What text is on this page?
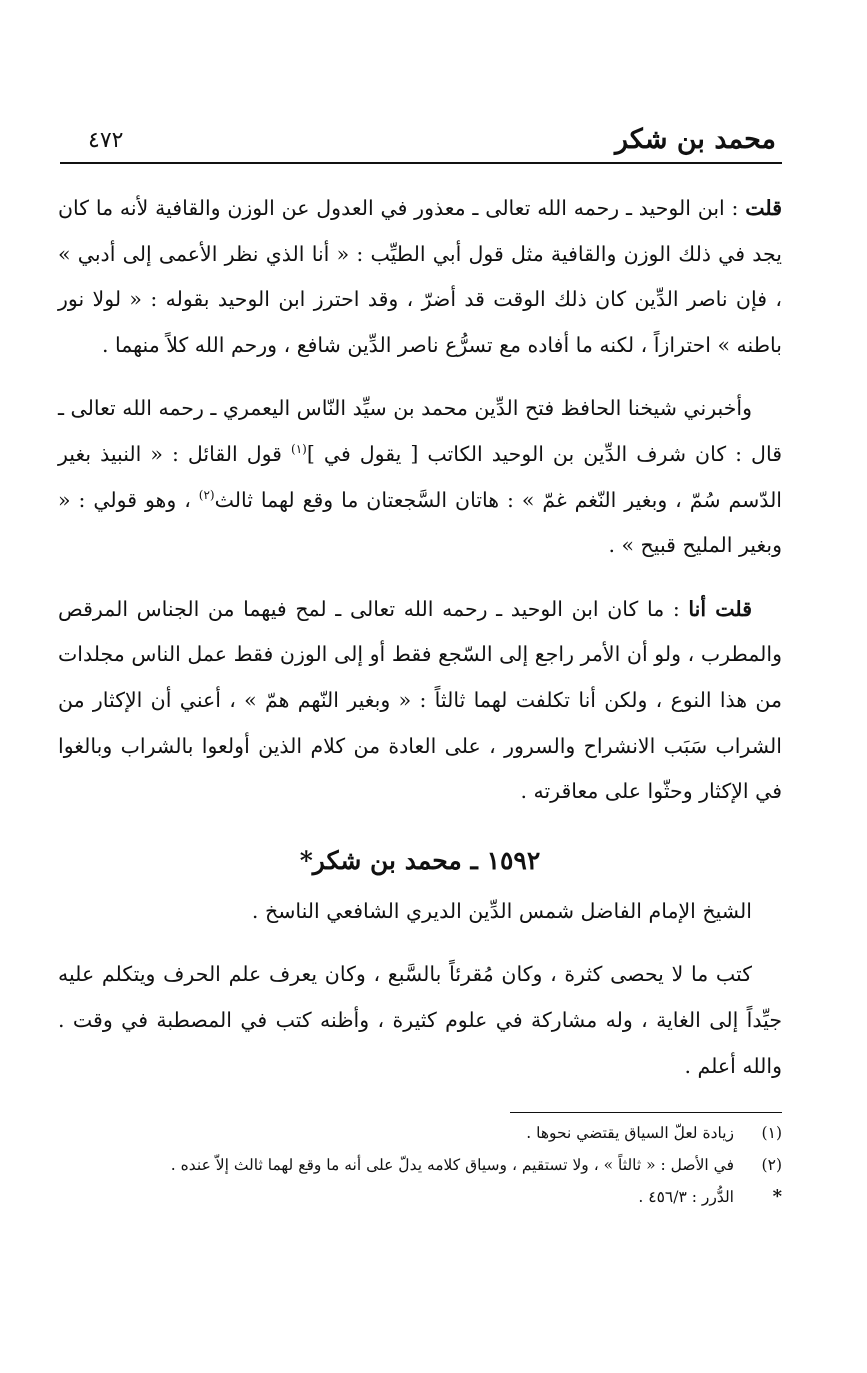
محمد بن شكر
٤٧٢

قلت : ابن الوحيد ـ رحمه الله تعالى ـ معذور في العدول عن الوزن والقافية لأنه ما كان يجد في ذلك الوزن والقافية مثل قول أبي الطيِّب : « أنا الذي نظر الأعمى إلى أدبي » ، فإن ناصر الدِّين كان ذلك الوقت قد أضرّ ، وقد احترز ابن الوحيد بقوله : « لولا نور باطنه » احترازاً ، لكنه ما أفاده مع تسرُّع ناصر الدِّين شافع ، ورحم الله كلاً منهما .

وأخبرني شيخنا الحافظ فتح الدِّين محمد بن سيِّد النّاس اليعمري ـ رحمه الله تعالى ـ قال : كان شرف الدِّين بن الوحيد الكاتب [ يقول في ]$^{(١)}$ قول القائل : « النبيذ بغير الدّسم سُمّ ، وبغير النّغم غمّ » : هاتان السَّجعتان ما وقع لهما ثالث$^{(٢)}$ ، وهو قولي : « وبغير المليح قبيح » .

قلت أنا : ما كان ابن الوحيد ـ رحمه الله تعالى ـ لمح فيهما من الجناس المرقص والمطرب ، ولو أن الأمر راجع إلى السّجع فقط أو إلى الوزن فقط عمل الناس مجلدات من هذا النوع ، ولكن أنا تكلفت لهما ثالثاً : « وبغير النّهم همّ » ، أعني أن الإكثار من الشراب سَبَب الانشراح والسرور ، على العادة من كلام الذين أولعوا بالشراب وبالغوا في الإكثار وحثّوا على معاقرته .

١٥٩٢ ـ محمد بن شكر*

الشيخ الإمام الفاضل شمس الدِّين الديري الشافعي الناسخ .

كتب ما لا يحصى كثرة ، وكان مُقرئاً بالسَّبع ، وكان يعرف علم الحرف ويتكلم عليه جيِّداً إلى الغاية ، وله مشاركة في علوم كثيرة ، وأظنه كتب في المصطبة في وقت . والله أعلم .

(١)
زيادة لعلّ السياق يقتضي نحوها .
(٢)
في الأصل : « ثالثاً » ، ولا تستقيم ، وسياق كلامه يدلّ على أنه ما وقع لهما ثالث إلاّ عنده .
*
الدُّرر : ٤٥٦/٣ .
